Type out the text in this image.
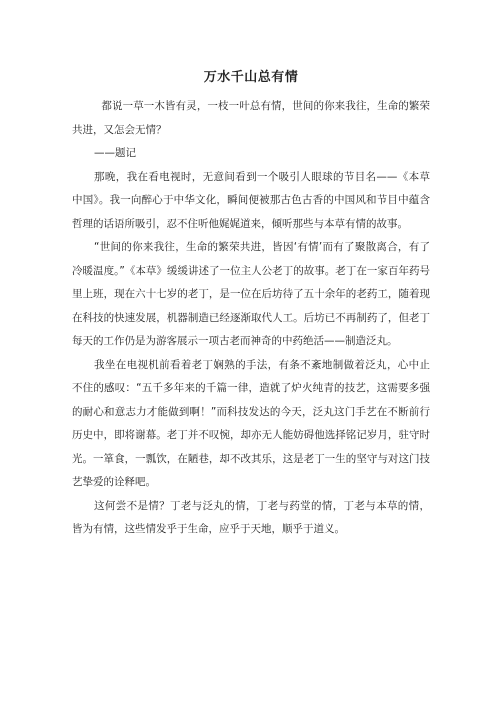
万水千山总有情

都说一草一木皆有灵，一枝一叶总有情，世间的你来我往，生命的繁荣共进，又怎会无情？

——题记

那晚，我在看电视时，无意间看到一个吸引人眼球的节目名——《本草中国》。我一向醉心于中华文化，瞬间便被那古色古香的中国风和节目中蕴含哲理的话语所吸引，忍不住听他娓娓道来，倾听那些与本草有情的故事。

“世间的你来我往，生命的繁荣共进，皆因‘有情’而有了聚散离合，有了冷暖温度。”《本草》缓缓讲述了一位主人公老丁的故事。老丁在一家百年药号里上班，现在六十七岁的老丁，是一位在后坊待了五十余年的老药工，随着现在科技的快速发展，机器制造已经逐渐取代人工。后坊已不再制药了，但老丁每天的工作仍是为游客展示一项古老而神奇的中药绝活——制造泛丸。

我坐在电视机前看着老丁娴熟的手法，有条不紊地制做着泛丸，心中止不住的感叹：“五千多年来的千篇一律，造就了炉火纯青的技艺，这需要多强的耐心和意志力才能做到啊！”而科技发达的今天，泛丸这门手艺在不断前行历史中，即将谢幕。老丁并不叹惋，却亦无人能妨碍他选择铭记岁月，驻守时光。一箪食，一瓢饮，在陋巷，却不改其乐，这是老丁一生的坚守与对这门技艺挚爱的诠释吧。

这何尝不是情？丁老与泛丸的情，丁老与药堂的情，丁老与本草的情，皆为有情，这些情发乎于生命，应乎于天地，顺乎于道义。
